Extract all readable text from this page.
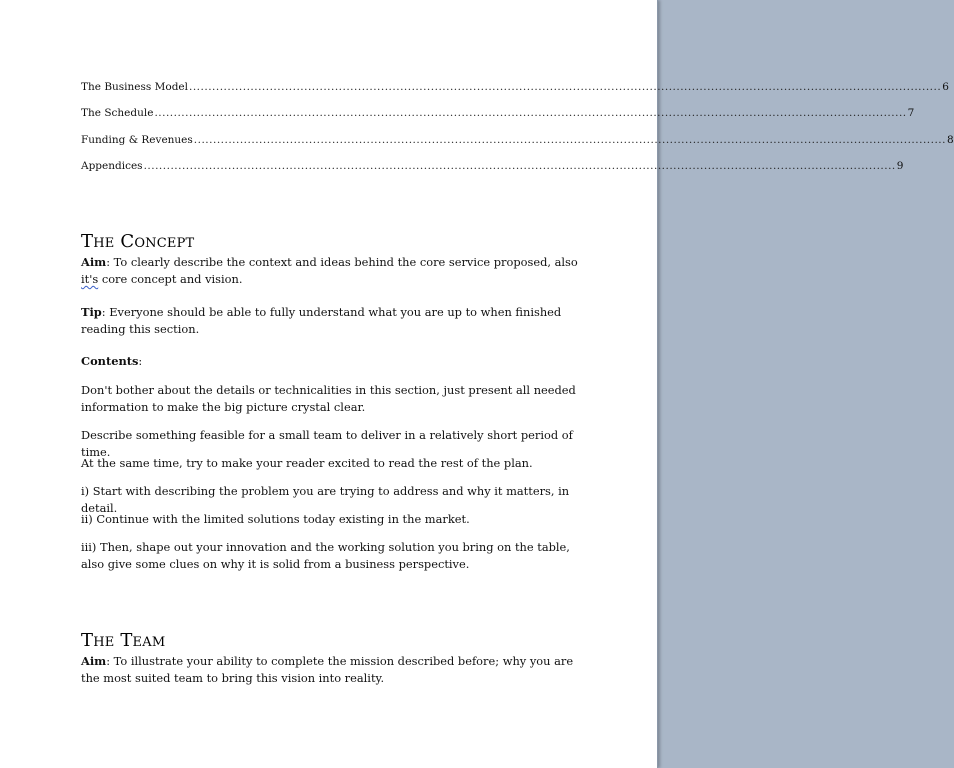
The Business Model .................................................................................................................................................................................................... 6
The Schedule .................................................................................................................................................................................................... 7
Funding & Revenues .................................................................................................................................................................................................... 8
Appendices .................................................................................................................................................................................................... 9
The Concept
Aim: To clearly describe the context and ideas behind the core service proposed, also it's core concept and vision.
Tip: Everyone should be able to fully understand what you are up to when finished reading this section.
Contents:
Don't bother about the details or technicalities in this section, just present all needed information to make the big picture crystal clear.
Describe something feasible for a small team to deliver in a relatively short period of time.
At the same time, try to make your reader excited to read the rest of the plan.
i) Start with describing the problem you are trying to address and why it matters, in detail.
ii) Continue with the limited solutions today existing in the market.
iii) Then, shape out your innovation and the working solution you bring on the table, also give some clues on why it is solid from a business perspective.
The Team
Aim: To illustrate your ability to complete the mission described before; why you are the most suited team to bring this vision into reality.
